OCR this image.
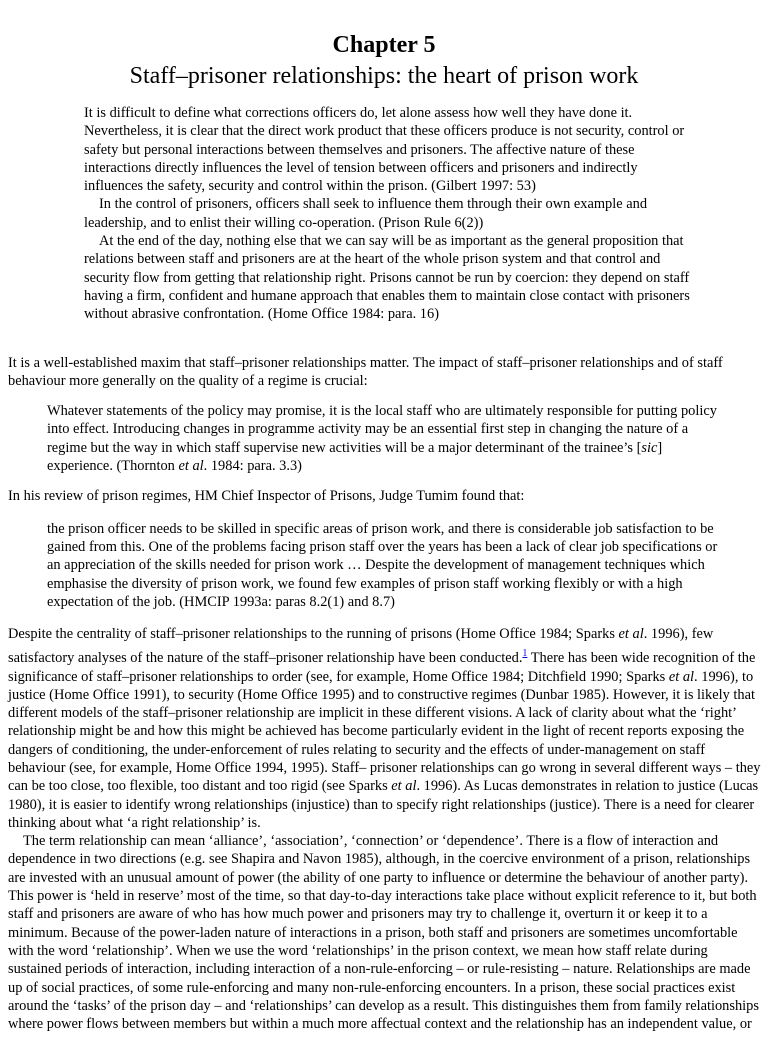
Chapter 5
Staff–prisoner relationships: the heart of prison work

It is difficult to define what corrections officers do, let alone assess how well they have done it. Nevertheless, it is clear that the direct work product that these officers produce is not security, control or safety but personal interactions between themselves and prisoners. The affective nature of these interactions directly influences the level of tension between officers and prisoners and indirectly influences the safety, security and control within the prison. (Gilbert 1997: 53)

In the control of prisoners, officers shall seek to influence them through their own example and leadership, and to enlist their willing co-operation. (Prison Rule 6(2))

At the end of the day, nothing else that we can say will be as important as the general proposition that relations between staff and prisoners are at the heart of the whole prison system and that control and security flow from getting that relationship right. Prisons cannot be run by coercion: they depend on staff having a firm, confident and humane approach that enables them to maintain close contact with prisoners without abrasive confrontation. (Home Office 1984: para. 16)

It is a well-established maxim that staff–prisoner relationships matter. The impact of staff–prisoner relationships and of staff behaviour more generally on the quality of a regime is crucial:

Whatever statements of the policy may promise, it is the local staff who are ultimately responsible for putting policy into effect. Introducing changes in programme activity may be an essential first step in changing the nature of a regime but the way in which staff supervise new activities will be a major determinant of the trainee’s [sic] experience. (Thornton et al. 1984: para. 3.3)

In his review of prison regimes, HM Chief Inspector of Prisons, Judge Tumim found that:

the prison officer needs to be skilled in specific areas of prison work, and there is considerable job satisfaction to be gained from this. One of the problems facing prison staff over the years has been a lack of clear job specifications or an appreciation of the skills needed for prison work … Despite the development of management techniques which emphasise the diversity of prison work, we found few examples of prison staff working flexibly or with a high expectation of the job. (HMCIP 1993a: paras 8.2(1) and 8.7)

Despite the centrality of staff–prisoner relationships to the running of prisons (Home Office 1984; Sparks et al. 1996), few satisfactory analyses of the nature of the staff–prisoner relationship have been conducted.$^1$ There has been wide recognition of the significance of staff–prisoner relationships to order (see, for example, Home Office 1984; Ditchfield 1990; Sparks et al. 1996), to justice (Home Office 1991), to security (Home Office 1995) and to constructive regimes (Dunbar 1985). However, it is likely that different models of the staff–prisoner relationship are implicit in these different visions. A lack of clarity about what the ‘right’ relationship might be and how this might be achieved has become particularly evident in the light of recent reports exposing the dangers of conditioning, the under-enforcement of rules relating to security and the effects of under-management on staff behaviour (see, for example, Home Office 1994, 1995). Staff– prisoner relationships can go wrong in several different ways – they can be too close, too flexible, too distant and too rigid (see Sparks et al. 1996). As Lucas demonstrates in relation to justice (Lucas 1980), it is easier to identify wrong relationships (injustice) than to specify right relationships (justice). There is a need for clearer thinking about what ‘a right relationship’ is.

The term relationship can mean ‘alliance’, ‘association’, ‘connection’ or ‘dependence’. There is a flow of interaction and dependence in two directions (e.g. see Shapira and Navon 1985), although, in the coercive environment of a prison, relationships are invested with an unusual amount of power (the ability of one party to influence or determine the behaviour of another party). This power is ‘held in reserve’ most of the time, so that day-to-day interactions take place without explicit reference to it, but both staff and prisoners are aware of who has how much power and prisoners may try to challenge it, overturn it or keep it to a minimum. Because of the power-laden nature of interactions in a prison, both staff and prisoners are sometimes uncomfortable with the word ‘relationship’. When we use the word ‘relationships’ in the prison context, we mean how staff relate during sustained periods of interaction, including interaction of a non-rule-enforcing – or rule-resisting – nature. Relationships are made up of social practices, of some rule-enforcing and many non-rule-enforcing encounters. In a prison, these social practices exist around the ‘tasks’ of the prison day – and ‘relationships’ can develop as a result. This distinguishes them from family relationships where power flows between members but within a much more affectual context and the relationship has an independent value, or
